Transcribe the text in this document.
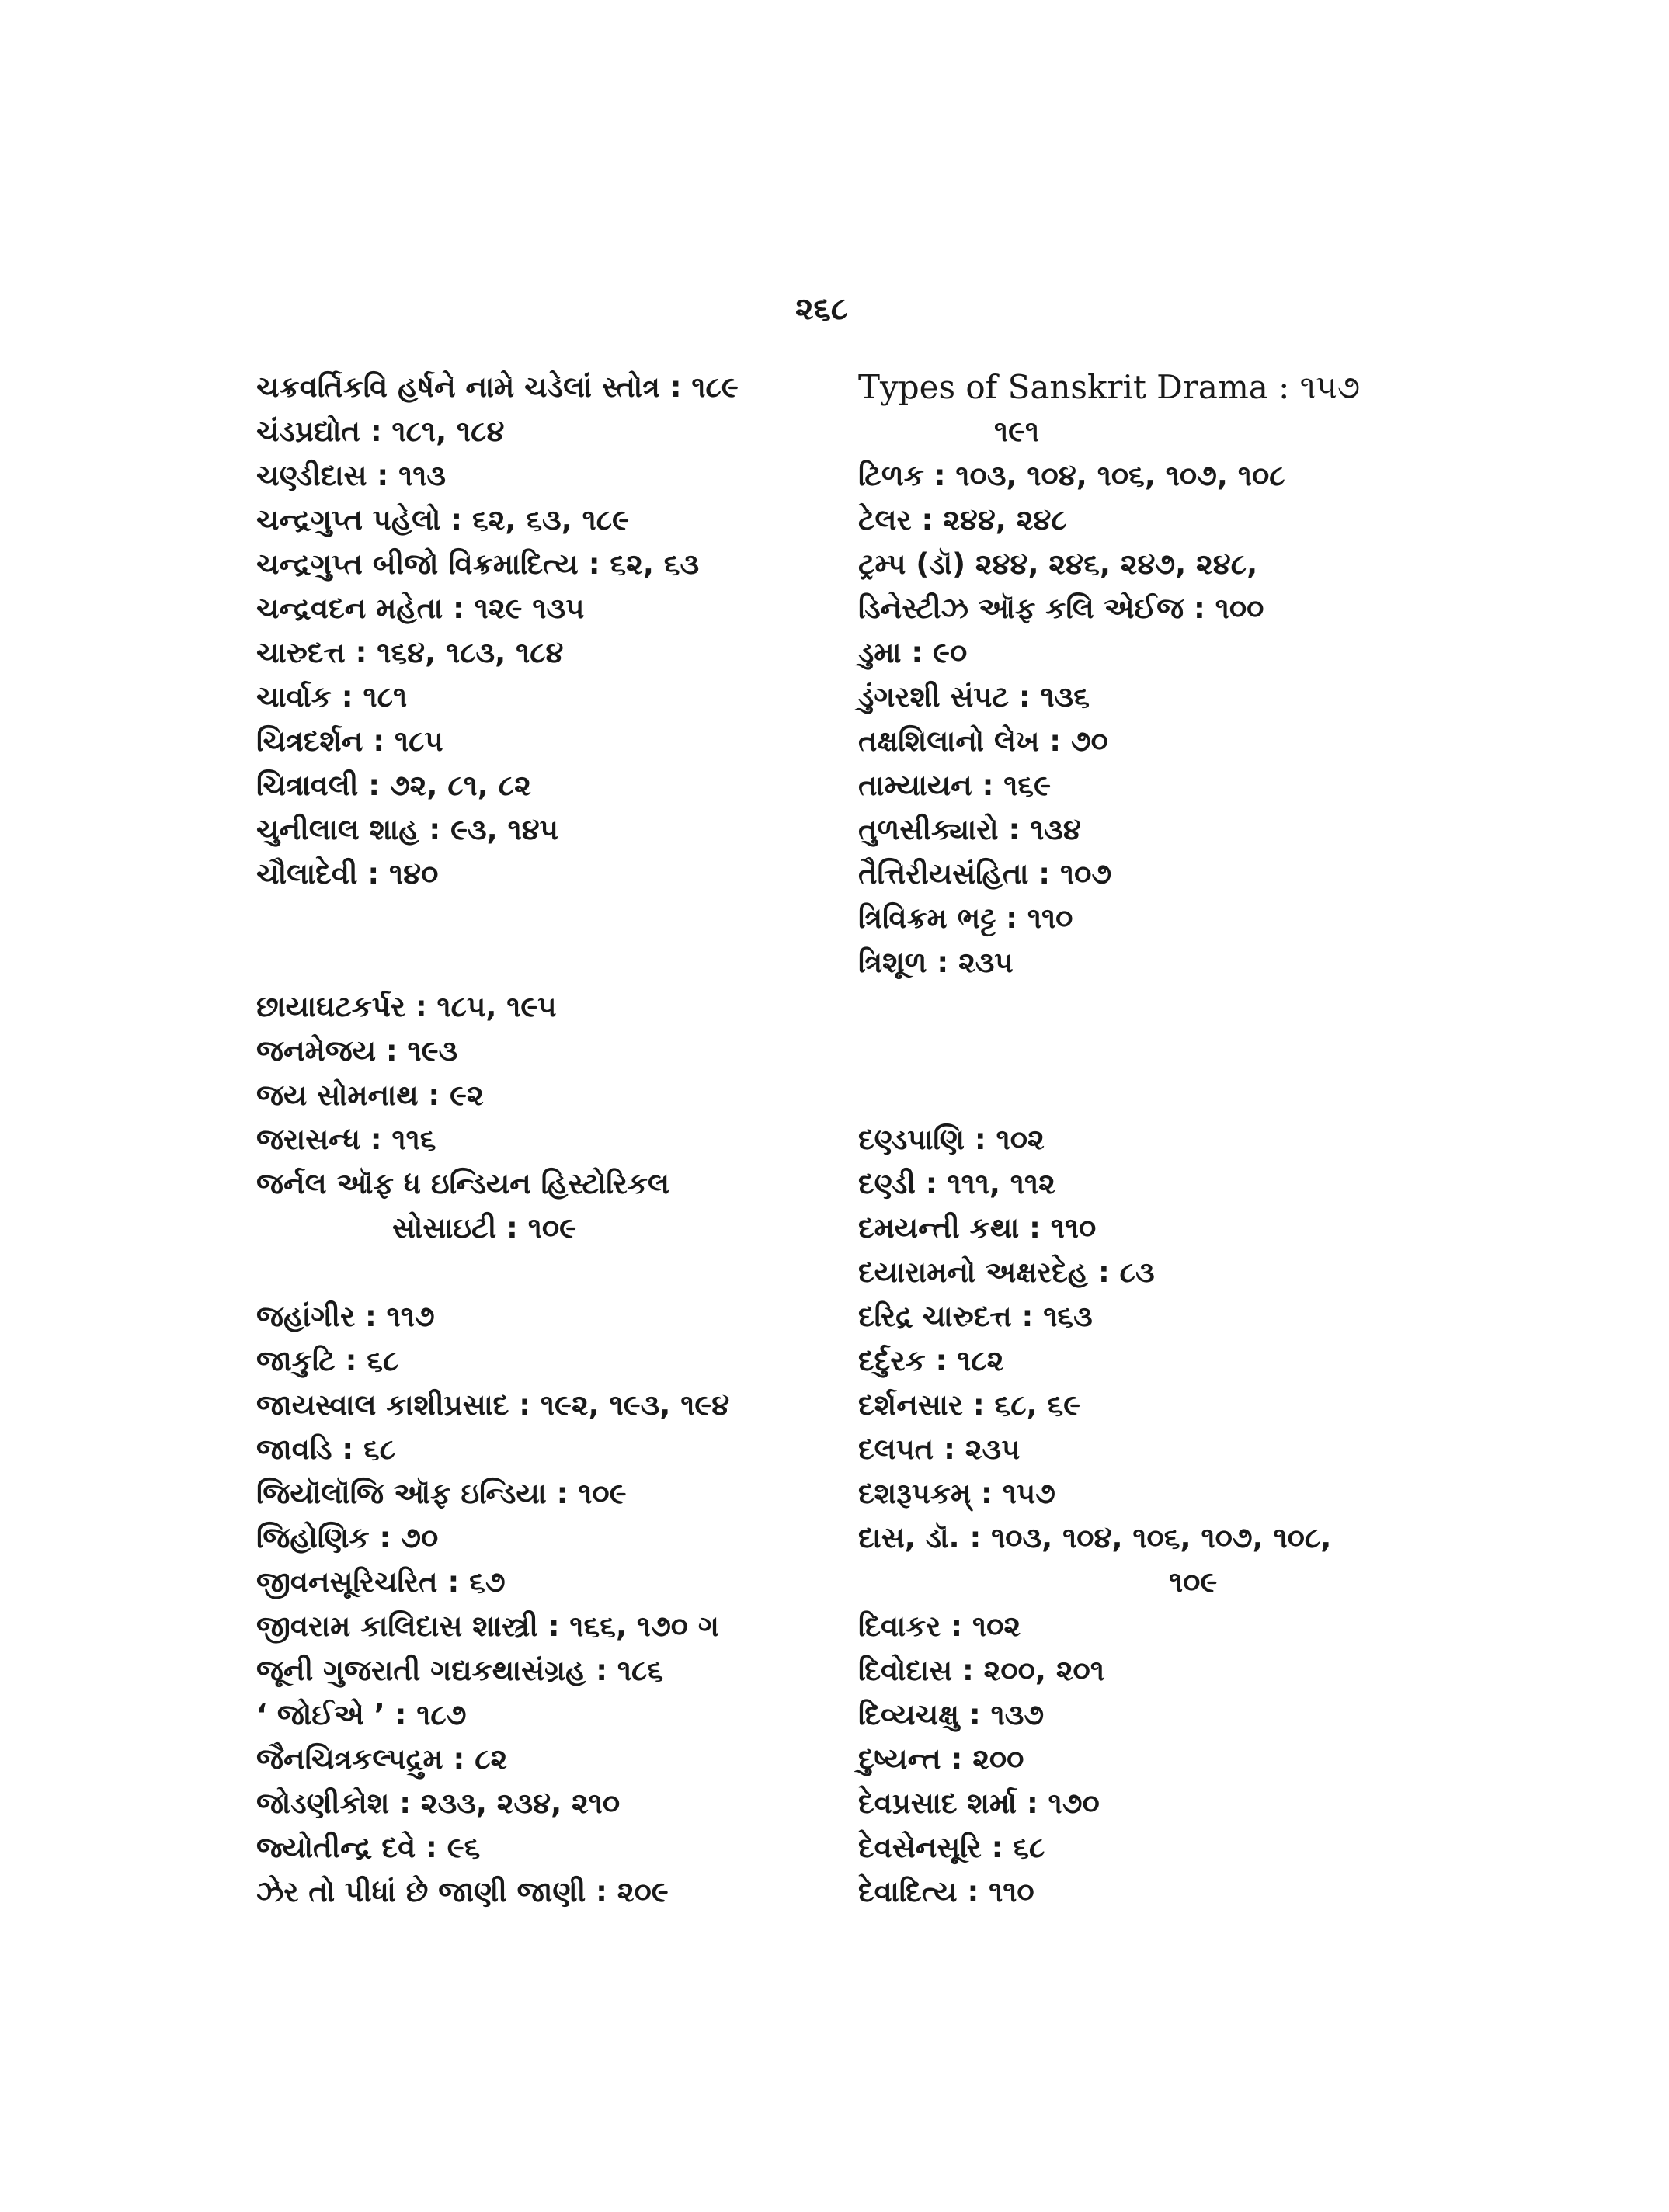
૨૬૮
ચક્રવર્તિકવિ હર્ષને નામે ચડેલાં સ્તોત્ર : ૧૮૯
ચંડપ્રદ્યોત : ૧૮૧, ૧૮૪
ચણ્ડીદાસ : ૧૧૩
ચન્દ્રગુપ્ત પહેલો : ૬૨, ૬૩, ૧૮૯
ચન્દ્રગુપ્ત બીજો વિક્રમાદિત્ય : ૬૨, ૬૩
ચન્દ્રવદન મહેતા : ૧૨૯ ૧૩૫
ચારુદત્ત : ૧૬૪, ૧૮૩, ૧૮૪
ચાર્વાક : ૧૮૧
ચિત્રદર્શન : ૧૮૫
ચિત્રાવલી : ૭૨, ૮૧, ૮૨
ચુનીલાલ શાહ : ૯૩, ૧૪૫
ચૌલાદેવી : ૧૪૦
છાયાઘટકર્પર : ૧૮૫, ૧૯૫
જનમેજય : ૧૯૩
જય સોમનાથ : ૯૨
જરાસન્ધ : ૧૧૬
જર્નલ ઑફ ધ ઇન્ડિયન હિસ્ટોરિકલ
સોસાઇટી : ૧૦૯
જહાંગીર : ૧૧૭
જાકુટિ : ૬૮
જાયસ્વાલ કાશીપ્રસાદ : ૧૯૨, ૧૯૩, ૧૯૪
જાવડિ : ૬૮
જિયૉલૉજિ ઑફ ઇન્ડિયા : ૧૦૯
જિહોણિક : ૭૦
જીવનસૂરિચરિત : ૬૭
જીવરામ કાલિદાસ શાસ્ત્રી : ૧૬૬, ૧૭૦ ગ
જૂની ગુજરાતી ગદ્યકથાસંગ્રહ : ૧૮૬
‘ જોઈએ ’ : ૧૮૭
જૈનચિત્રકલ્પદ્રુમ : ૮૨
જોડણીકોશ : ૨૩૩, ૨૩૪, ૨૧૦
જ્યોતીન્દ્ર દવે : ૯૬
ઝેર તો પીધાં છે જાણી જાણી : ૨૦૯
Types of Sanskrit Drama : ૧૫૭
૧૯૧
ટિળક : ૧૦૩, ૧૦૪, ૧૦૬, ૧૦૭, ૧૦૮
ટેલર : ૨૪૪, ૨૪૮
ટ્રમ્પ (ડૉ) ૨૪૪, ૨૪૬, ૨૪૭, ૨૪૮,
ડિનેસ્ટીઝ ઑફ કલિ એઈજ : ૧૦૦
ડુમા : ૯૦
ડુંગરશી સંપટ : ૧૩૬
તક્ષશિલાનો લેખ : ૭૦
તામ્યાયન : ૧૬૯
તુળસીક્યારો : ૧૩૪
તૈત્તિરીયસંહિતા : ૧૦૭
ત્રિવિક્રમ ભટ્ટ : ૧૧૦
ત્રિશૂળ : ૨૩૫
દણ્ડપાણિ : ૧૦૨
દણ્ડી : ૧૧૧, ૧૧૨
દમયન્તી કથા : ૧૧૦
દયારામનો અક્ષરદેહ : ૮૩
દરિદ્ર ચારુદત્ત : ૧૬૩
દર્દુરક : ૧૮૨
દર્શનસાર : ૬૮, ૬૯
દલપત : ૨૩૫
દશરૂપકમ્ : ૧૫૭
દાસ, ડૉ. : ૧૦૩, ૧૦૪, ૧૦૬, ૧૦૭, ૧૦૮,
૧૦૯
દિવાકર : ૧૦૨
દિવોદાસ : ૨૦૦, ૨૦૧
દિવ્યચક્ષુ : ૧૩૭
દુષ્યન્ત : ૨૦૦
દેવપ્રસાદ શર્મા : ૧૭૦
દેવસેનસૂરિ : ૬૮
દેવાદિત્ય : ૧૧૦
